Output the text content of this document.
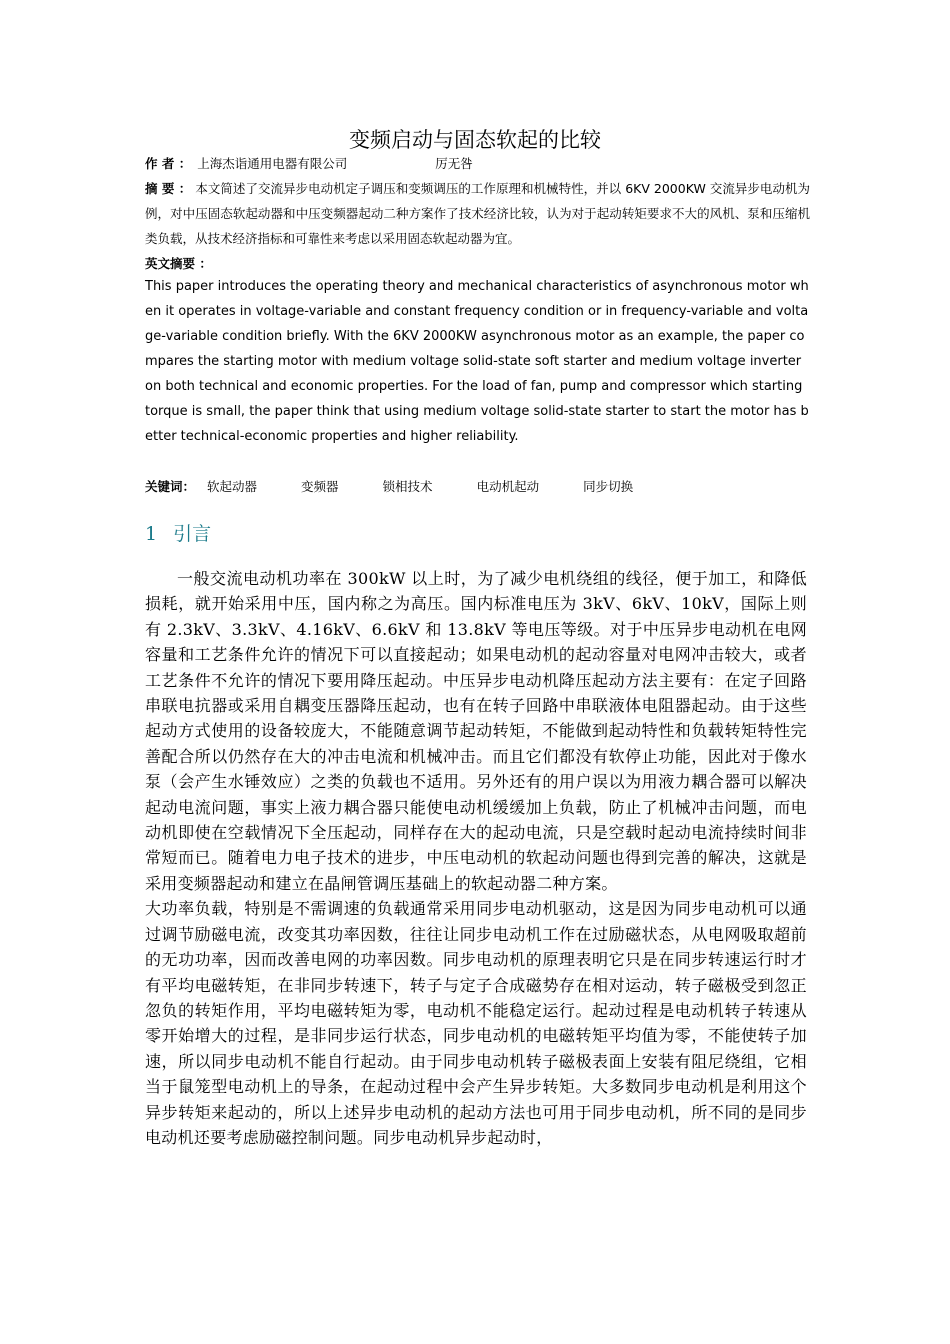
变频启动与固态软起的比较
作 者 ： 上海杰诣通用电器有限公司	厉无咎
摘 要 ： 本文简述了交流异步电动机定子调压和变频调压的工作原理和机械特性，并以 6KV 2000KW 交流异步电动机为例，对中压固态软起动器和中压变频器起动二种方案作了技术经济比较，认为对于起动转矩要求不大的风机、泵和压缩机类负载，从技术经济指标和可靠性来考虑以采用固态软起动器为宜。
英文摘要 ：
This paper introduces the operating theory and mechanical characteristics of asynchronous motor when it operates in voltage-variable and constant frequency condition or in frequency-variable and voltage-variable condition briefly. With the 6KV 2000KW asynchronous motor as an example, the paper compares the starting motor with medium voltage solid-state soft starter and medium voltage inverter on both technical and economic properties. For the load of fan, pump and compressor which starting torque is small, the paper think that using medium voltage solid-state starter to start the motor has better technical-economic properties and higher reliability.
关键词： 软起动器	变频器	锁相技术	电动机起动	同步切换
1 引言

一般交流电动机功率在 300kW 以上时，为了减少电机绕组的线径，便于加工，和降低损耗，就开始采用中压，国内称之为高压。国内标准电压为 3kV、6kV、10kV，国际上则有 2.3kV、3.3kV、4.16kV、6.6kV 和 13.8kV 等电压等级。对于中压异步电动机在电网容量和工艺条件允许的情况下可以直接起动；如果电动机的起动容量对电网冲击较大，或者工艺条件不允许的情况下要用降压起动。中压异步电动机降压起动方法主要有：在定子回路串联电抗器或采用自耦变压器降压起动，也有在转子回路中串联液体电阻器起动。由于这些起动方式使用的设备较庞大，不能随意调节起动转矩，不能做到起动特性和负载转矩特性完善配合所以仍然存在大的冲击电流和机械冲击。而且它们都没有软停止功能，因此对于像水泵（会产生水锤效应）之类的负载也不适用。另外还有的用户误以为用液力耦合器可以解决起动电流问题，事实上液力耦合器只能使电动机缓缓加上负载，防止了机械冲击问题，而电动机即使在空载情况下全压起动，同样存在大的起动电流，只是空载时起动电流持续时间非常短而已。随着电力电子技术的进步，中压电动机的软起动问题也得到完善的解决，这就是采用变频器起动和建立在晶闸管调压基础上的软起动器二种方案。

大功率负载，特别是不需调速的负载通常采用同步电动机驱动，这是因为同步电动机可以通过调节励磁电流，改变其功率因数，往往让同步电动机工作在过励磁状态，从电网吸取超前的无功功率，因而改善电网的功率因数。同步电动机的原理表明它只是在同步转速运行时才有平均电磁转矩，在非同步转速下，转子与定子合成磁势存在相对运动，转子磁极受到忽正忽负的转矩作用，平均电磁转矩为零，电动机不能稳定运行。起动过程是电动机转子转速从零开始增大的过程，是非同步运行状态，同步电动机的电磁转矩平均值为零，不能使转子加速，所以同步电动机不能自行起动。由于同步电动机转子磁极表面上安装有阻尼绕组，它相当于鼠笼型电动机上的导条，在起动过程中会产生异步转矩。大多数同步电动机是利用这个异步转矩来起动的，所以上述异步电动机的起动方法也可用于同步电动机，所不同的是同步电动机还要考虑励磁控制问题。同步电动机异步起动时，
